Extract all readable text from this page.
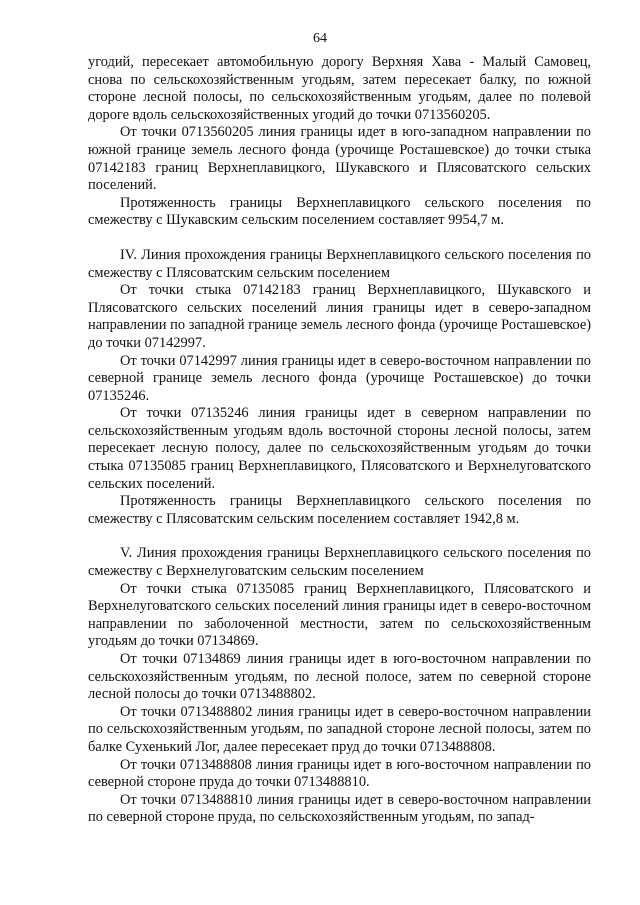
64

угодий, пересекает автомобильную дорогу Верхняя Хава - Малый Самовец, снова по сельскохозяйственным угодьям, затем пересекает балку, по южной стороне лесной полосы, по сельскохозяйственным угодьям, далее по полевой дороге вдоль сельскохозяйственных угодий до точки 0713560205.

От точки 0713560205 линия границы идет в юго-западном направлении по южной границе земель лесного фонда (урочище Росташевское) до точки стыка 07142183 границ Верхнеплавицкого, Шукавского и Плясоватского сельских поселений.

Протяженность границы Верхнеплавицкого сельского поселения по смежеству с Шукавским сельским поселением составляет 9954,7 м.

IV. Линия прохождения границы Верхнеплавицкого сельского поселения по смежеству с Плясоватским сельским поселением

От точки стыка 07142183 границ Верхнеплавицкого, Шукавского и Плясоватского сельских поселений линия границы идет в северо-западном направлении по западной границе земель лесного фонда (урочище Росташевское) до точки 07142997.

От точки 07142997 линия границы идет в северо-восточном направлении по северной границе земель лесного фонда (урочище Росташевское) до точки 07135246.

От точки 07135246 линия границы идет в северном направлении по сельскохозяйственным угодьям вдоль восточной стороны лесной полосы, затем пересекает лесную полосу, далее по сельскохозяйственным угодьям до точки стыка 07135085 границ Верхнеплавицкого, Плясоватского и Верхнелуговатского сельских поселений.

Протяженность границы Верхнеплавицкого сельского поселения по смежеству с Плясоватским сельским поселением составляет 1942,8 м.

V. Линия прохождения границы Верхнеплавицкого сельского поселения по смежеству с Верхнелуговатским сельским поселением

От точки стыка 07135085 границ Верхнеплавицкого, Плясоватского и Верхнелуговатского сельских поселений линия границы идет в северо-восточном направлении по заболоченной местности, затем по сельскохозяйственным угодьям до точки 07134869.

От точки 07134869 линия границы идет в юго-восточном направлении по сельскохозяйственным угодьям, по лесной полосе, затем по северной стороне лесной полосы до точки 0713488802.

От точки 0713488802 линия границы идет в северо-восточном направлении по сельскохозяйственным угодьям, по западной стороне лесной полосы, затем по балке Сухенький Лог, далее пересекает пруд до точки 0713488808.

От точки 0713488808 линия границы идет в юго-восточном направлении по северной стороне пруда до точки 0713488810.

От точки 0713488810 линия границы идет в северо-восточном направлении по северной стороне пруда, по сельскохозяйственным угодьям, по запад-
